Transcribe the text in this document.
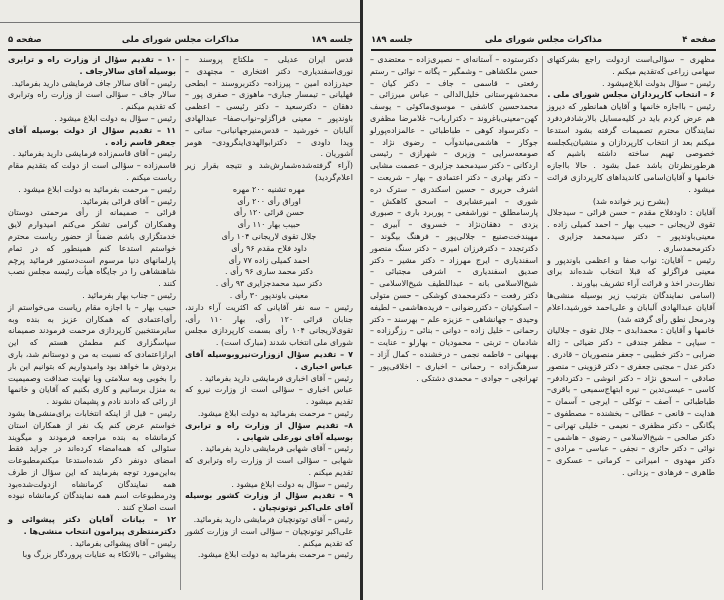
جلسه ۱۸۹
مذاکرات مجلس شورای ملی
صفحه ۵

قدس ایران عدیلی – ملکتاج پروسند – نوری‌اسفندیاری– دکتر افتخاری – مجتهدی – حیدرزاده امین – پیرزاده– دکتربروسند – ابطحی فهلیانی – تیمسار جباری– ماهوزی – صفری پور – دهقان – دکترسعید – دکتر رئیسی – اعظمی باوندپور – معینی فراگزلو–نواب‌صفا– عبدالهادی آلبابان – خورشید – قدس‌منیرجهانبانی– ساتی – ویدا داودی – دکترابوالهدی‌اینگرودی– هومر آشوریان .

(آراء گرفته‌شده‌شمارش‌شد و نتیجه‌ بقرار زیر اعلام‌گردید)

مهره تشنیه ۲۰۰ مهره

اوراق رأی ۲۰۰ رأی

حسن قرائی ۱۲۰ رأی

حبیب بهار ۱۱۰ رأی

جلال تقوی لاریجانی ۱۰۴ رأی

داود فلاح مقدم ۹۶ رأی

احمد کمیلی زاده ۷۷ رأی

دکتر محمد ساری ۹۶ رأی .

دکتر سید محمدجزایری ۹۳ رأی .

معینی باوندپور ۳۰ رأی .

رئیس – سه نفر آقایانی که اکثریت آراء دارند، جنابان قرائی ۱۲۰ رأی، بهار ۱۱۰ رأی، تقوی‌لاریجانی ۱۰۴ رأی بسمت کارپردازی مجلس شورای ملی انتخاب شدند (مبارک است) .

۷ – تقدیم سؤال ازوزارت‌نیروبوسیله آقای عباس اخباری .

رئیس – آقای اخباری فرمایشی دارید بفرمائید .

عباس اخباری – سؤالی است از وزارت نیرو که تقدیم میشود .

رئیس – مرحمت بفرمائید به دولت ابلاغ میشود.

۸– تقدیم سؤال از وزارت راه و ترابری بوسیله آقای نورعلی شهابی .

رئیس – آقای شهابی فرمایشی دارید بفرمائید .

شهابی – سؤالی است از وزارت راه وترابری که تقدیم میکنم .

رئیس – سؤال به دولت ابلاغ میشود .

۹ – تقدیم سؤال از وزارت کشور بوسیله آقای علی‌اکبر توتونچیان .

رئیس – آقای توتونچیان فرمایشی دارید بفرمائید.

علی‌اکبر توتونچیان – سؤالی است از وزارت کشور که تقدیم میکنم .

رئیس – مرحمت بفرمائید به دولت ابلاغ میشود.

۱۰ – تقدیم سؤال از وزارت راه و ترابری بوسیله آقای سالارجاف .

رئیس – آقای سالار جاف فرمایشی دارید بفرمائید.

سالار جاف – سؤالی است از وزارت راه وترابری که تقدیم میکنم .

رئیس – سؤال به دولت ابلاغ میشود .

۱۱ – تقدیم سؤال از دولت بوسیله آقای جعفر قاسم زاده .

رئیس – آقای قاسم‌زاده فرمایشی دارید بفرمائید .

قاسم‌زاده – سؤالی است از دولت که بتقدیم مقام ریاست میکنم .

رئیس – مرحمت بفرمائید به دولت ابلاغ میشود .

رئیس – آقای قرائی بفرمائید.

قرائی – صمیمانه از رأی مرحمتی دوستان وهمکاران گرامی تشکر می‌کنم امیدوارم لایق خدمتگزاری باشم ضمناً از حضور ریاست محترم خواستم استدعا کنم همینطور که در تمام پارلمانهای دنیا مرسوم است‌دستور فرمائید پرچم شاهنشاهی را در جایگاه هیأت رئیسه مجلس نصب کنند .

رئیس – جناب بهار بفرمائید .

حبیب بهار – با اجازه مقام ریاست می‌خواستم از رأی‌اعتمادی که همکاران عزیز به بنده وبه سایرمنتخبین کارپردازی مرحمت فرمودند صمیمانه سپاسگزاری کنم مطمئن هستم که این ابرازاعتمادی که نسبت به من و دوستانم شد، باری بردوش ما خواهد بود وامیدواریم که بتوانیم این بار را بخوبی وبه سلامتی وبا نهایت صداقت وصمیمیت به منزل برسانیم و کاری بکنیم که آقایان و خانمها از رائی که دادند نادم و پشیمان نشوند .

رئیس – قبل از اینکه انتخابات برای‌منشی‌ها بشود خواستم عرض کنم یک نفر از همکاران استان کرمانشاه به بنده مراجعه فرمودند و میگویند سئوالی که همه‌امضاء کرده‌اند در جراید فقط امضای دونفر ذکر شده‌استدعا میکنم‌مطبوعات به‌این‌مورد توجه بفرمایند که این سؤال از طرف همه نمایندگان کرمانشاه ازدولت‌شده‌بود ودرمطبوعات اسم همه نمایندگان کرمانشاه نبوده است اصلاح کنند .

۱۲ – بیانات آقایان دکتر پیشوائی و دکترمنتظری پیرامون انتخاب منشی‌ها .

رئیس – آقای پیشوائی بفرمائید .

پیشوائی – بالاتکاء به عنایات پروردگار بزرگ وبا

صفحه ۴
مذاکرات مجلس شورای ملی
جلسه ۱۸۹

مظهری – سؤالی‌است ازدولت راجع بشرکتهای سهامی زراعی که‌تقدیم میکنم .

رئیس – سؤال بدولت ابلاغ‌میشود .

۶ – انتخاب کارپردازان مجلس شورای ملی .

رئیس – بااجازه خانمها و آقایان همانطور که دیروز هم عرض کردم باید در کلیه‌مسایل بالارشادفردفرد نمایندگان محترم تصمیمات گرفته بشود استدعا میکنم بعد از انتخاب کارپردازان و منشیان‌یکجلسه خصوصی تهیم ساخته داشته باشیم که هرطورنظرتان باشد عمل بشود . حالا بااجازه خانمها و آقایان‌اسامی کاندیداهای کارپردازی قرائت میشود .

(بشرح زیر خوانده شد)

آقایان : داودفلاح مقدم – حسن قرائی – سیدجلال تقوی لاریجانی – حبیب بهار – احمد کمیلی زاده . معینی‌باوندپور – دکتر سیدمحمد جزایری . دکترمحمدساری .

رئیس – آقایان: نواب صفا و اعظمی باوندپور و معینی فراگزلو که قبلا انتخاب شده‌اند برای نظارت‌در اخذ و قرائت آراء تشریف بیاورند .

(اسامی نمایندگان بترتیب زیر بوسیله منشی‌ها آقایان عبدالهادی آلبابان و علی‌احمد خورشید،اعلام ودرمحل نطق رأی گرفته شد)

خانمها و آقایان : محمدابدی – جلال تقوی – جلالیان – سیاپی – مظفر جندقی – دکتر ضیائی – ژاله ضرابی – دکتر خطیبی – جعفر منصوریان – قادری . دکتر عدل – مجتبی جعفری – دکتر قزوینی – منصور صادقی – اسحق نژاد – دکتر انوشی – دکتردادفر– کاسی – عیسی‌تدین – نیره ابتهاج‌سمیعی – باقری– طباطبائی – آصف – توکلی – ایرجی – آسمان – هدایت – قانعی – عطائی – بخشنده – مصطفوی – یگانگی – دکتر مظفری – نعیمی – خلیلی تهرانی – دکتر صالحی – شیخ‌الاسلامی – رضوی – هاشمی – نوائی – دکتر حائری – نجفی – عباسی – مرادی – دکتر مهدوی – امیرانی – کرمانی – عسکری – طاهری – فرهادی – یزدانی .

دکترستوده – آستانه‌ای – نصیری‌زاده – معتضدی – حسن ملکشاهی – وشمگیر – یگانه – نوائی – رستم رفعتی – قاسمی – جاف – دکتر کیان – محمدشهرستانی خلیل‌الدالی – عباس میرزائی – محمدحسین کاشفی – موسوی‌ماکوئی – یوسف کهن–معینی‌باغروند – دکترارباب– غلامرضا مظفری – دکترسواد کوهی – طباطبائی – عالمزاده‌پورلو جوکار – هاشمی‌میاندوآب – رضوی نژاد – صومعه‌سرایی – وزیری – شهرازی – رئیسی اردکانی – دکتر سیدمحمد جزایری – عصمت مشایی – دکتر بهادری – دکتر اعتمادی – بهار – شریعت – اشرف حریری – حسین اسکندری – سترک دره شوری – امیرعشایری – اسحق کاهکش – پارسامطلق – نوراشفعی – پوربرد باری – صبوری یزدی – دهقان‌نژاد – خسروی – آبیری – مهیندخت‌صنیع – جلالی‌پور – فرهنگ بیگوند – دکترتجدد – دکترفرزان امیری – دکتر سنگ منصور اسفندیاری – ایرج مهرزاد – دکتر مشیر – دکتر صدیق اسفندیاری – اشرفی مجتبائی – شیخ‌الاسلامی بانه – عبداللطیف شیخ‌الاسلامی – دکتر رفعت – دکترمحمدی کوشکی – حسن متولی – اسکوئیان – دکتررضوانی – فریده‌هاشمی – لطیفه وحیدی – جهانشاهی – عزیزه علم – بهرسند – دکتر رحمانی – خلیل زاده – دوانی – بنائی – رزگرزاده – شادمان – تربتی – محمودیان – بهارلو – عنایت – بهبهانی – فاطمه نجمی – درخشنده – کمال آزاد – سرهنگ‌زاده – رحمانی – اخباری – اخلاقی‌پور – تهرانچی – جوادی – محمدی دشتکی .
